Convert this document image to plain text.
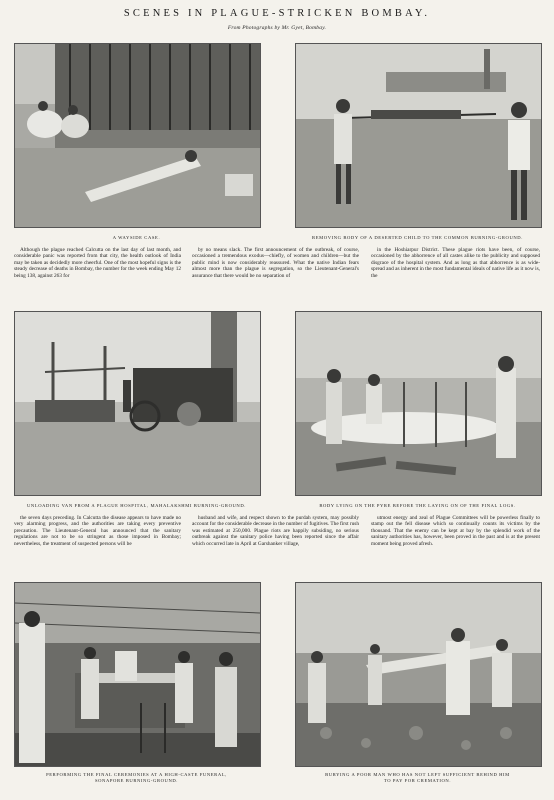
SCENES IN PLAGUE-STRICKEN BOMBAY.
From Photographs by Mr. Gyet, Bombay.
A WAYSIDE CASE.	REMOVING BODY OF A DESERTED CHILD TO THE COMMON BURNING-GROUND.

Although the plague reached Calcutta on the last day of last month, and considerable panic was reported from that city, the health outlook of India may be taken as decidedly more cheerful. One of the most hopeful signs is the steady decrease of deaths in Bombay, the number for the week ending May 12 being 138, against 263 for

by no means slack. The first announcement of the outbreak, of course, occasioned a tremendous exodus—chiefly, of women and children—but the public mind is now considerably reassured. What the native Indian fears almost more than the plague is segregation, so the Lieutenant-General's assurance that there would be no separation of

in the Hoshiarpur District. These plague riots have been, of course, occasioned by the abhorrence of all castes alike to the publicity and supposed disgrace of the hospital system. And as long as that abhorrence is as wide-spread and as inherent in the most fundamental ideals of native life as it now is, the

UNLOADING VAN FROM A PLAGUE HOSPITAL, MAHALAKSHMI BURNING-GROUND.	BODY LYING ON THE PYRE BEFORE THE LAYING ON OF THE FINAL LOGS.

the seven days preceding. In Calcutta the disease appears to have made no very alarming progress, and the authorities are taking every preventive precaution. The Lieutenant-General has announced that the sanitary regulations are not to be so stringent as those imposed in Bombay; nevertheless, the treatment of suspected persons will be

husband and wife, and respect shown to the purdah system, may possibly account for the considerable decrease in the number of fugitives. The first rush was estimated at 250,000. Plague riots are happily subsiding, no serious outbreak against the sanitary police having been reported since the affair which occurred late in April at Garshanker village,

utmost energy and zeal of Plague Committees will be powerless finally to stamp out the fell disease which so continually counts its victims by the thousand. That the enemy can be kept at bay by the splendid work of the sanitary authorities has, however, been proved in the past and is at the present moment being proved afresh.

PERFORMING THE FINAL CEREMONIES AT A HIGH-CASTE FUNERAL,
SONAPORE BURNING-GROUND.
BURYING A POOR MAN WHO HAS NOT LEFT SUFFICIENT BEHIND HIM
TO PAY FOR CREMATION.
